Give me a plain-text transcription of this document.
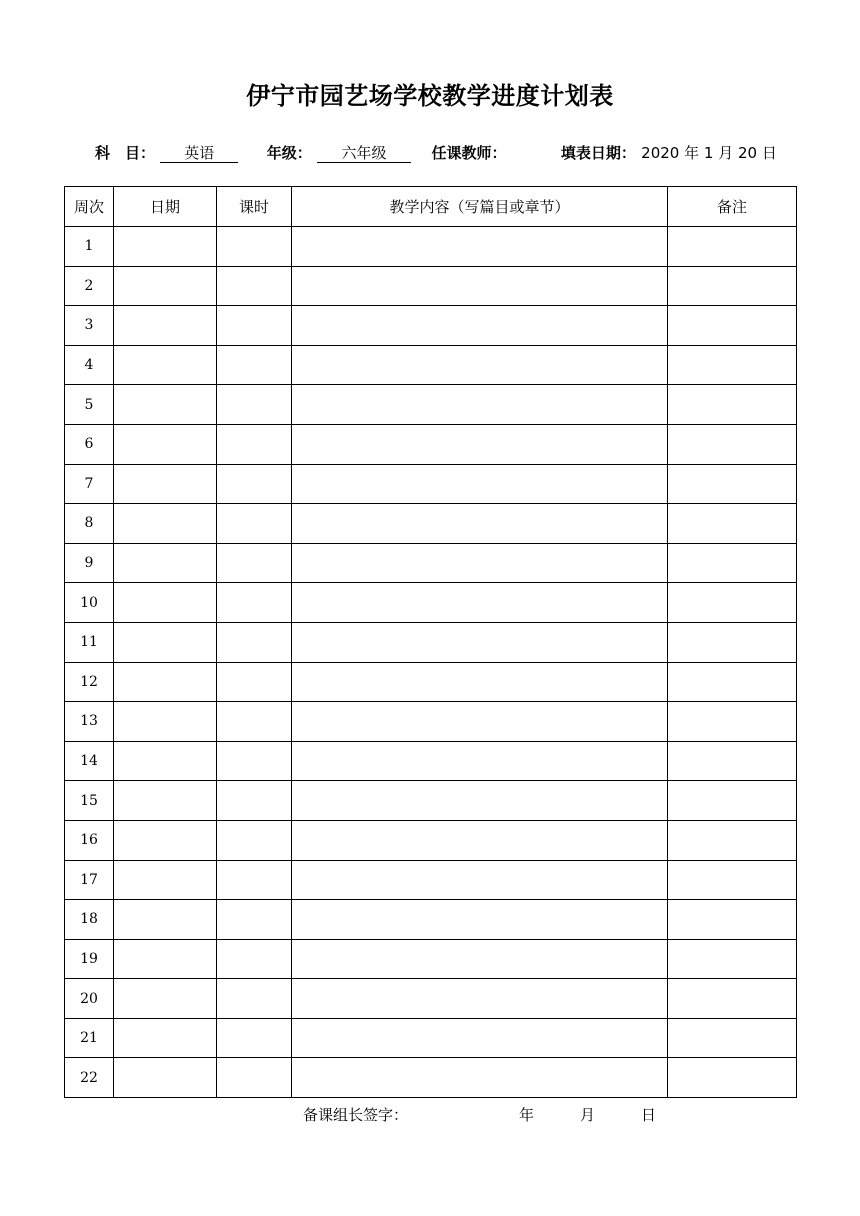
伊宁市园艺场学校教学进度计划表
科　目： 英语	年级： 六年级	任课教师：	填表日期： 2020 年 1 月 20 日
周次	日期	课时	教学内容（写篇目或章节）	备注
1				
2				
3				
4				
5				
6				
7				
8				
9				
10				
11				
12				
13				
14				
15				
16				
17				
18				
19				
20				
21				
22				
备课组长签字：	年	月	日
